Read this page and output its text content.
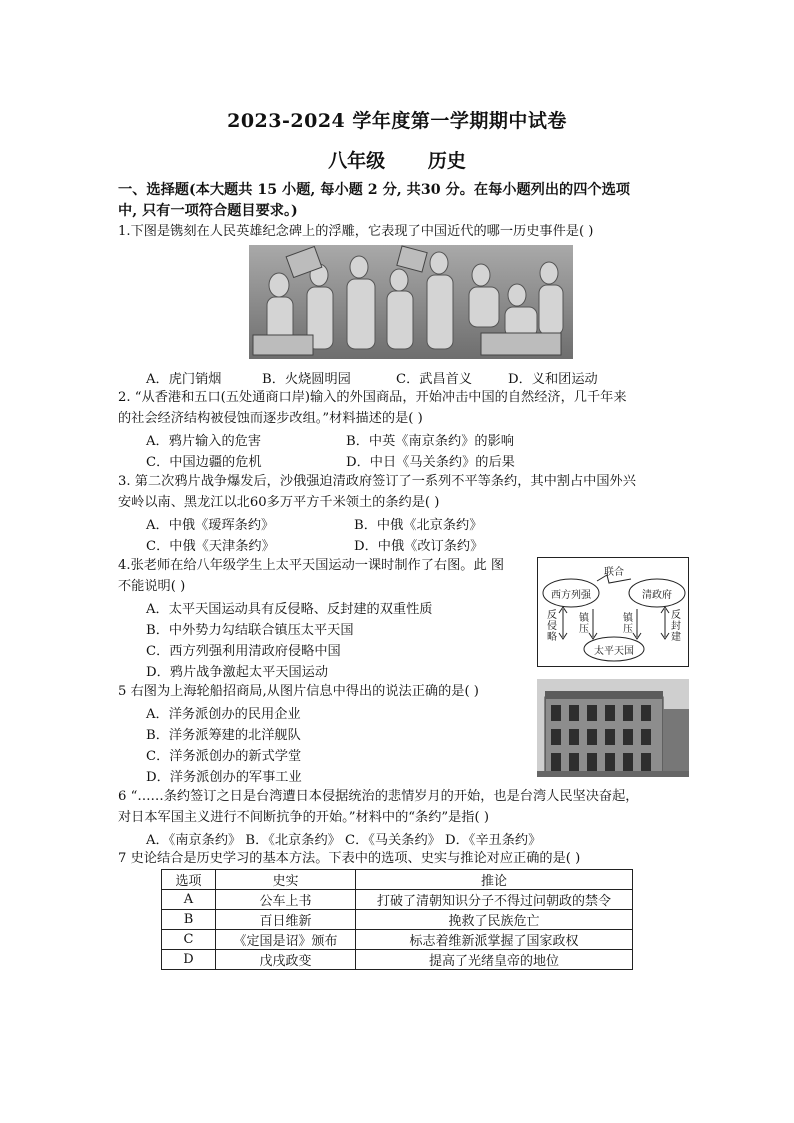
2023-2024 学年度第一学期期中试卷
八年级 历史
一、选择题(本大题共 15 小题, 每小题 2 分, 共30 分。在每小题列出的四个选项
中, 只有一项符合题目要求。)
1.下图是镌刻在人民英雄纪念碑上的浮雕，它表现了中国近代的哪一历史事件是( )
A．虎门销烟	B．火烧圆明园	C．武昌首义	D．义和团运动
2. “从香港和五口(五处通商口岸)输入的外国商品，开始冲击中国的自然经济，几千年来
的社会经济结构被侵蚀而逐步改组。”材料描述的是( )
A．鸦片输入的危害	B．中英《南京条约》的影响
C．中国边疆的危机	D．中日《马关条约》的后果
3. 第二次鸦片战争爆发后，沙俄强迫清政府签订了一系列不平等条约，其中割占中国外兴
安岭以南、黑龙江以北60多万平方千米领土的条约是( )
A．中俄《瑷珲条约》	B．中俄《北京条约》
C．中俄《天津条约》	D．中俄《改订条约》
4.张老师在给八年级学生上太平天国运动一课时制作了右图。此 图
不能说明( )
A．太平天国运动具有反侵略、反封建的双重性质
B．中外势力勾结联合镇压太平天国
C．西方列强利用清政府侵略中国
D．鸦片战争激起太平天国运动
西方列强	清政府
太平天国
联合
反侵略
镇压
镇压
反封建
5 右图为上海轮船招商局,从图片信息中得出的说法正确的是( )
A．洋务派创办的民用企业
B．洋务派筹建的北洋舰队
C．洋务派创办的新式学堂
D．洋务派创办的军事工业
6 “……条约签订之日是台湾遭日本侵据统治的悲情岁月的开始，也是台湾人民坚决奋起，
对日本军国主义进行不间断抗争的开始。”材料中的“条约”是指( )
A．《南京条约》 B．《北京条约》 C．《马关条约》 D．《辛丑条约》
7 史论结合是历史学习的基本方法。下表中的选项、史实与推论对应正确的是( )
选项	史实	推论
A	公车上书	打破了清朝知识分子不得过问朝政的禁令
B	百日维新	挽救了民族危亡
C	《定国是诏》颁布	标志着维新派掌握了国家政权
D	戊戌政变	提高了光绪皇帝的地位
